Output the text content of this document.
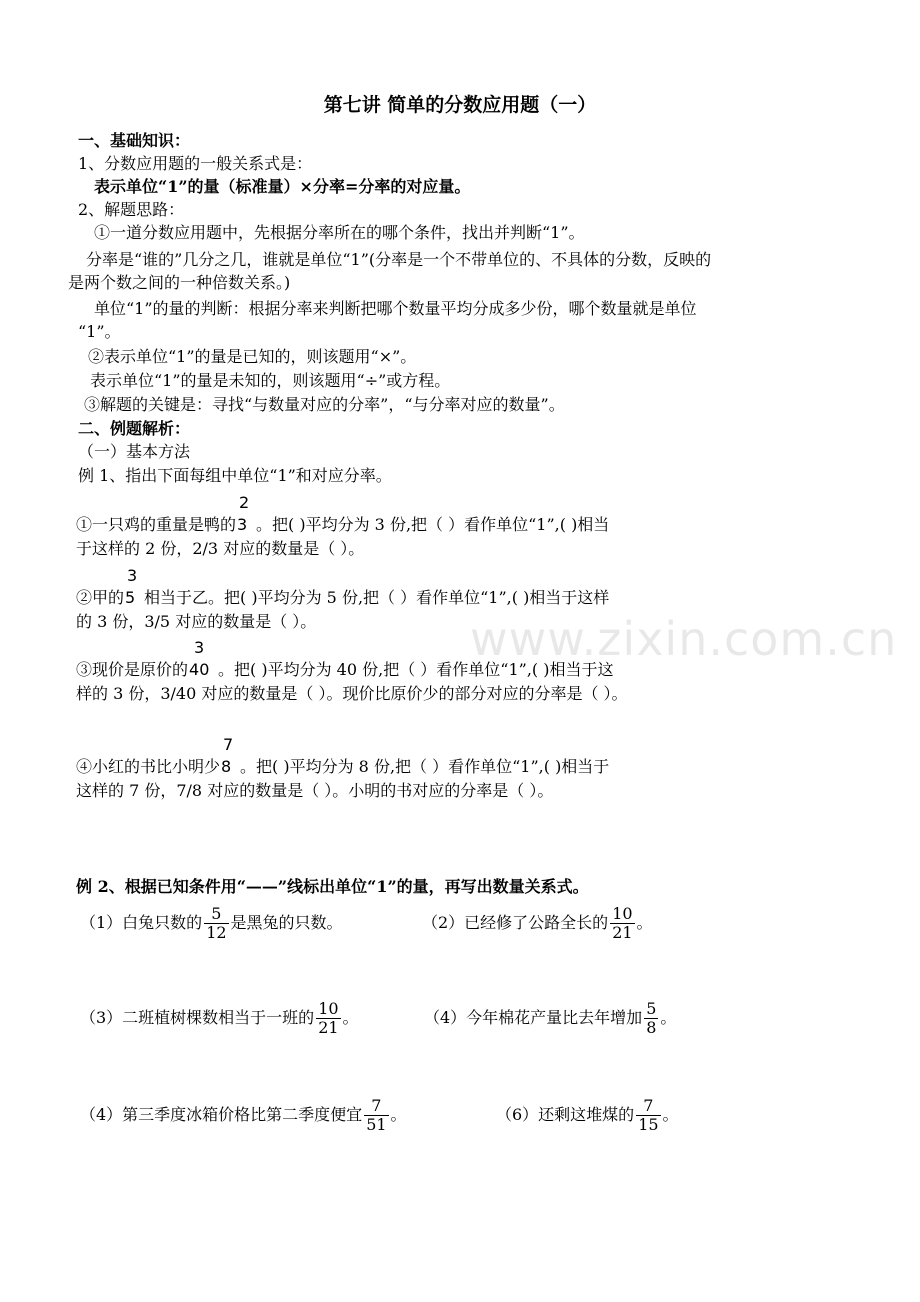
第七讲 简单的分数应用题（一）
www.zixin.com.cn
一、基础知识：
1、分数应用题的一般关系式是：
表示单位“1”的量（标准量）×分率=分率的对应量。
2、解题思路：
①一道分数应用题中，先根据分率所在的哪个条件，找出并判断“1”。
分率是“谁的”几分之几，谁就是单位“1”(分率是一个不带单位的、不具体的分数，反映的
是两个数之间的一种倍数关系。)
单位“1”的量的判断：根据分率来判断把哪个数量平均分成多少份，哪个数量就是单位
“1”。
②表示单位“1”的量是已知的，则该题用“×”。
表示单位“1”的量是未知的，则该题用“÷”或方程。
③解题的关键是：寻找“与数量对应的分率”，“与分率对应的数量”。
二、例题解析：
（一）基本方法
例 1、指出下面每组中单位“1”和对应分率。
①一只鸡的重量是鸭的
2
3 。把( )平均分为 3 份,把（ ）看作单位“1”,( )相当
于这样的 2 份，2/3 对应的数量是（ ）。
②甲的
3
5 相当于乙。把( )平均分为 5 份,把（ ）看作单位“1”,( )相当于这样
的 3 份，3/5 对应的数量是（ ）。
③现价是原价的
3
40 。把( )平均分为 40 份,把（ ）看作单位“1”,( )相当于这
样的 3 份，3/40 对应的数量是（ ）。现价比原价少的部分对应的分率是（ ）。
④小红的书比小明少
7
8 。把( )平均分为 8 份,把（ ）看作单位“1”,( )相当于
这样的 7 份，7/8 对应的数量是（ ）。小明的书对应的分率是（ ）。
例 2、根据已知条件用“——”线标出单位“1”的量，再写出数量关系式。
（1）白兔只数的 $\frac{5}{12}$ 是黑兔的只数。	（2）已经修了公路全长的 $\frac{10}{21}$ 。
（3）二班植树棵数相当于一班的 $\frac{10}{21}$ 。	（4）今年棉花产量比去年增加 $\frac{5}{8}$ 。
（4）第三季度冰箱价格比第二季度便宜 $\frac{7}{51}$ 。	（6）还剩这堆煤的 $\frac{7}{15}$ 。
